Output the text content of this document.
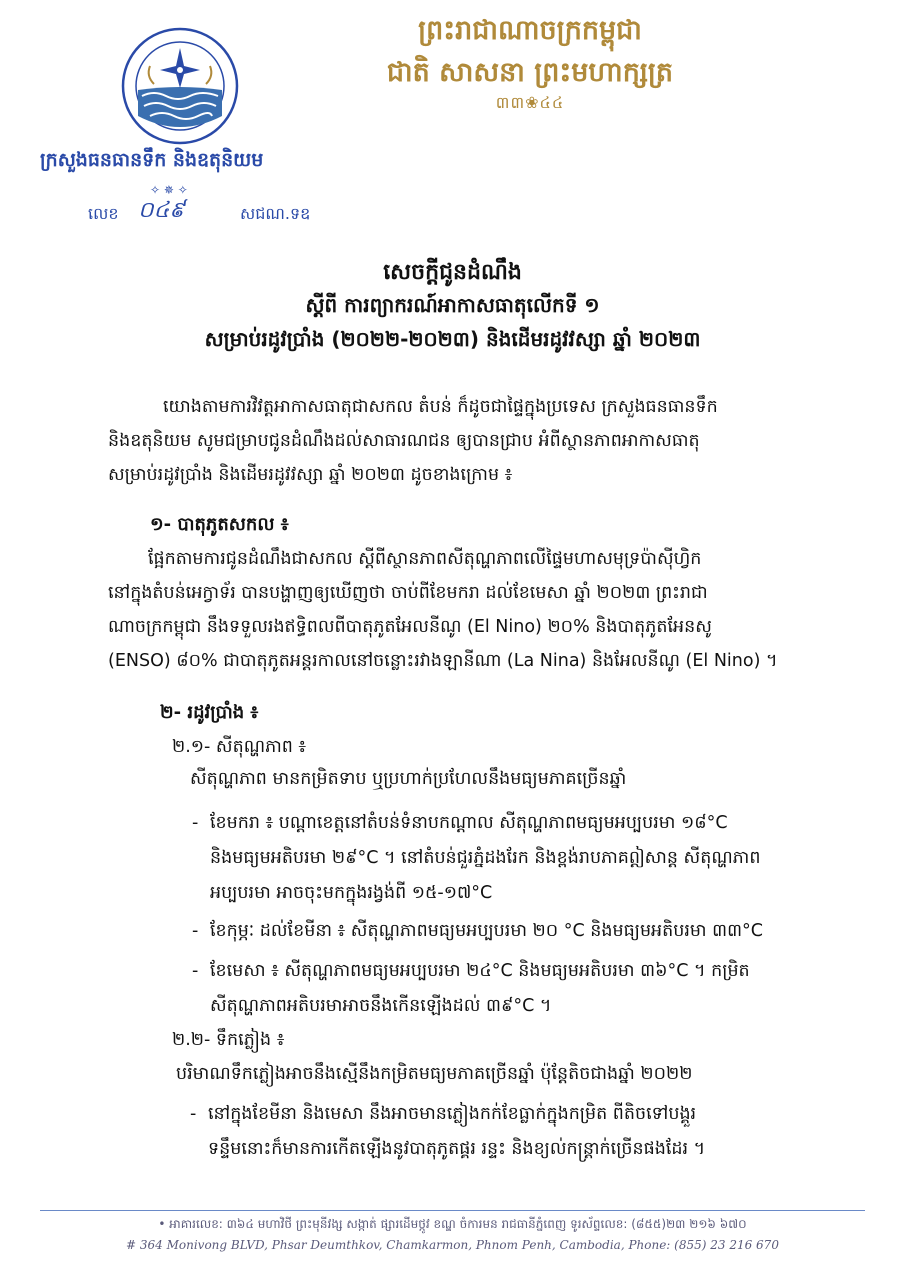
ព្រះរាជាណាចក្រកម្ពុជា
ជាតិ សាសនា ព្រះមហាក្សត្រ
៣៣❀៤៤
ក្រសួងធនធានទឹក និងឧតុនិយម
✧ ✵ ✧
លេខ ០៤៩	សជណ.ទឧ
សេចក្ដីជូនដំណឹង
ស្ដីពី ការព្យាករណ៍អាកាសធាតុលើកទី ១
សម្រាប់រដូវប្រាំង (២០២២-២០២៣) និងដើមរដូវវស្សា ឆ្នាំ ២០២៣
យោងតាមការវិវត្តអាកាសធាតុជាសកល តំបន់ ក៏ដូចជាផ្ទៃក្នុងប្រទេស ក្រសួងធនធានទឹក
និងឧតុនិយម សូមជម្រាបជូនដំណឹងដល់សាធារណជន ឲ្យបានជ្រាប អំពីស្ថានភាពអាកាសធាតុ
សម្រាប់រដូវប្រាំង និងដើមរដូវវស្សា ឆ្នាំ ២០២៣ ដូចខាងក្រោម ៖
១- បាតុភូតសកល ៖
ផ្អែកតាមការជូនដំណឹងជាសកល ស្ដីពីស្ថានភាពសីតុណ្ហភាពលើផ្ទៃមហាសមុទ្រប៉ាស៊ីហ្វិក
នៅក្នុងតំបន់អេក្វាទ័រ បានបង្ហាញឲ្យឃើញថា ចាប់ពីខែមករា ដល់ខែមេសា ឆ្នាំ ២០២៣ ព្រះរាជា
ណាចក្រកម្ពុជា នឹងទទួលរងឥទ្ធិពលពីបាតុភូតអែលនីណូ (El Nino) ២០% និងបាតុភូតអែនសូ
(ENSO) ៨០% ជាបាតុភូតអន្តរកាលនៅចន្លោះរវាងឡានីណា (La Nina) និងអែលនីណូ (El Nino) ។
២- រដូវប្រាំង ៖
២.១- សីតុណ្ហភាព ៖
សីតុណ្ហភាព មានកម្រិតទាប ឬប្រហាក់ប្រហែលនឹងមធ្យមភាគច្រើនឆ្នាំ
- ខែមករា ៖ បណ្ដាខេត្តនៅតំបន់ទំនាបកណ្ដាល សីតុណ្ហភាពមធ្យមអប្បបរមា ១៨°C
និងមធ្យមអតិបរមា ២៩°C ។ នៅតំបន់ជួរភ្នំដងរែក និងខ្ពង់រាបភាគឦសាន្ត សីតុណ្ហភាព
អប្បបរមា អាចចុះមកក្នុងរង្វង់ពី ១៥-១៧°C
- ខែកុម្ភៈ ដល់ខែមីនា ៖ សីតុណ្ហភាពមធ្យមអប្បបរមា ២០ °C និងមធ្យមអតិបរមា ៣៣°C
- ខែមេសា ៖ សីតុណ្ហភាពមធ្យមអប្បបរមា ២៤°C និងមធ្យមអតិបរមា ៣៦°C ។ កម្រិត
សីតុណ្ហភាពអតិបរមាអាចនឹងកើនឡើងដល់ ៣៩°C ។
២.២- ទឹកភ្លៀង ៖
បរិមាណទឹកភ្លៀងអាចនឹងស្មើនឹងកម្រិតមធ្យមភាគច្រើនឆ្នាំ ប៉ុន្តែតិចជាងឆ្នាំ ២០២២
- នៅក្នុងខែមីនា និងមេសា នឹងអាចមានភ្លៀងកក់ខែធ្លាក់ក្នុងកម្រិត ពីតិចទៅបង្គួរ
ទន្ទឹមនោះក៏មានការកើតឡើងនូវបាតុភូតផ្គរ រន្ទះ និងខ្យល់កន្ត្រាក់ច្រើនផងដែរ ។
• អាគារលេខ: ៣៦៤ មហាវិថី ព្រះមុនីវង្ស សង្កាត់ ផ្សារដើមថ្កូវ ខណ្ឌ ចំការមន រាជធានីភ្នំពេញ ទូរស័ព្ទលេខ: (៨៥៥)២៣ ២១៦ ៦៧០
# 364 Monivong BLVD, Phsar Deumthkov, Chamkarmon, Phnom Penh, Cambodia, Phone: (855) 23 216 670
